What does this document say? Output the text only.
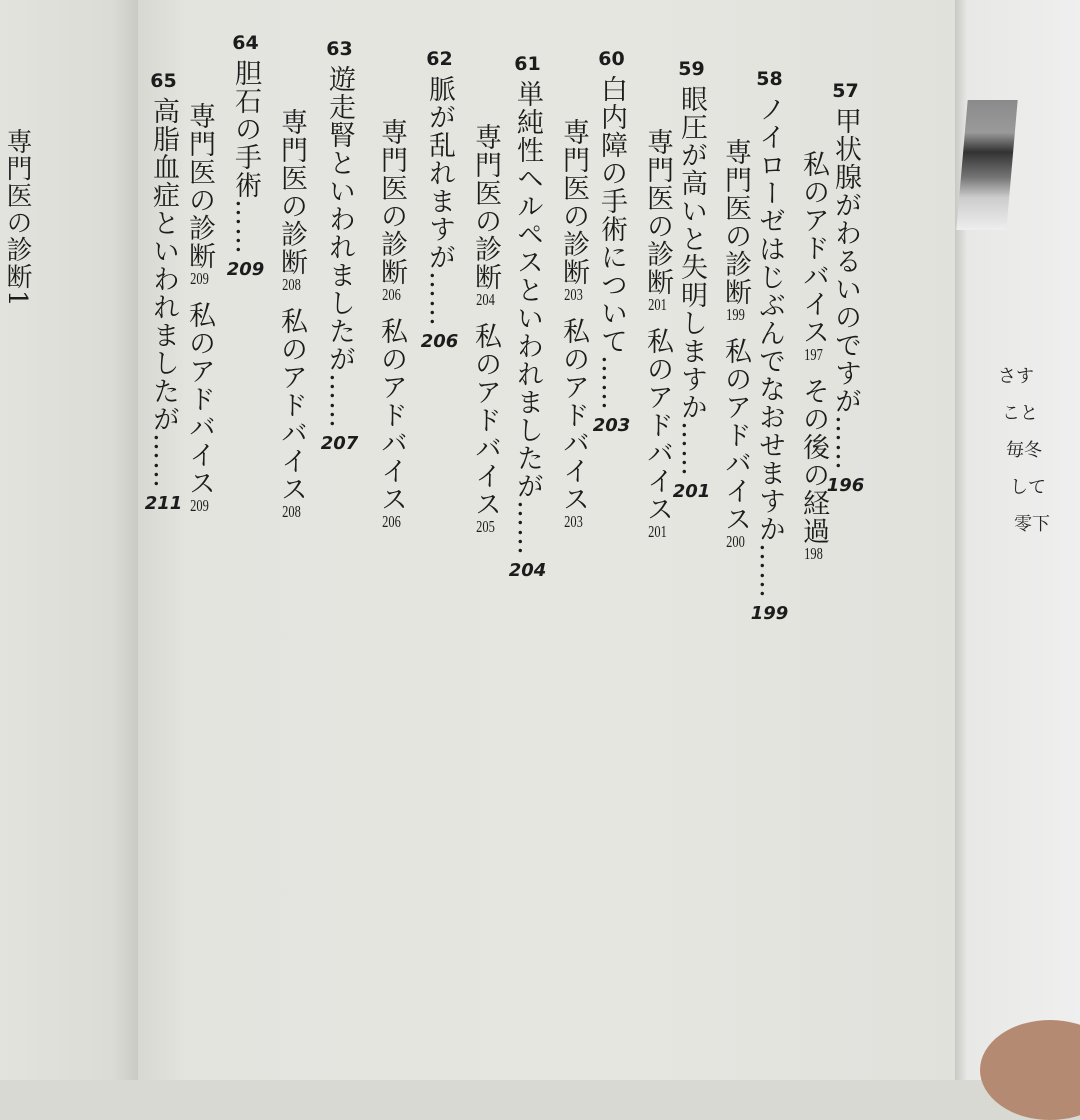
専門医の診断1
さす
こと
毎冬
して
零下
57
甲状腺がわるいのですが……
196
私のアドバイス197その後の経過198
58
ノイローゼはじぶんでなおせますか……
199
専門医の診断199私のアドバイス200
59
眼圧が高いと失明しますか……
201
専門医の診断201私のアドバイス201
60
白内障の手術について……
203
専門医の診断203私のアドバイス203
61
単純性ヘルペスといわれましたが……
204
専門医の診断204私のアドバイス205
62
脈が乱れますが……
206
専門医の診断206私のアドバイス206
63
遊走腎といわれましたが……
207
専門医の診断208私のアドバイス208
64
胆石の手術……
209
専門医の診断209私のアドバイス209
65
高脂血症といわれましたが……
211
